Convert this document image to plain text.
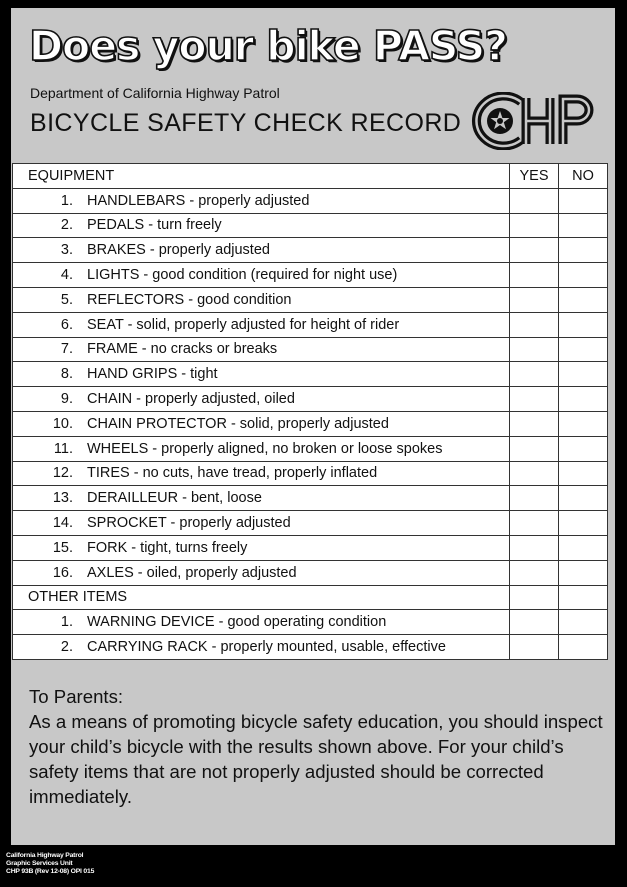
Does your bike PASS?
Department of California Highway Patrol
BICYCLE SAFETY CHECK RECORD
EQUIPMENT	YES	NO
1. HANDLEBARS - properly adjusted		
2. PEDALS - turn freely		
3. BRAKES - properly adjusted		
4. LIGHTS - good condition (required for night use)		
5. REFLECTORS - good condition		
6. SEAT - solid, properly adjusted for height of rider		
7. FRAME - no cracks or breaks		
8. HAND GRIPS - tight		
9. CHAIN - properly adjusted, oiled		
10. CHAIN PROTECTOR - solid, properly adjusted		
11. WHEELS - properly aligned, no broken or loose spokes		
12. TIRES - no cuts, have tread, properly inflated		
13. DERAILLEUR - bent, loose		
14. SPROCKET - properly adjusted		
15. FORK - tight, turns freely		
16. AXLES - oiled, properly adjusted		
OTHER ITEMS		
1. WARNING DEVICE - good operating condition		
2. CARRYING RACK - properly mounted, usable, effective		

To Parents:

As a means of promoting bicycle safety education, you should inspect your child’s bicycle with the results shown above. For your child’s safety items that are not properly adjusted should be corrected immediately.

California Highway Patrol
Graphic Services Unit
CHP 93B (Rev 12-08) OPI 015
